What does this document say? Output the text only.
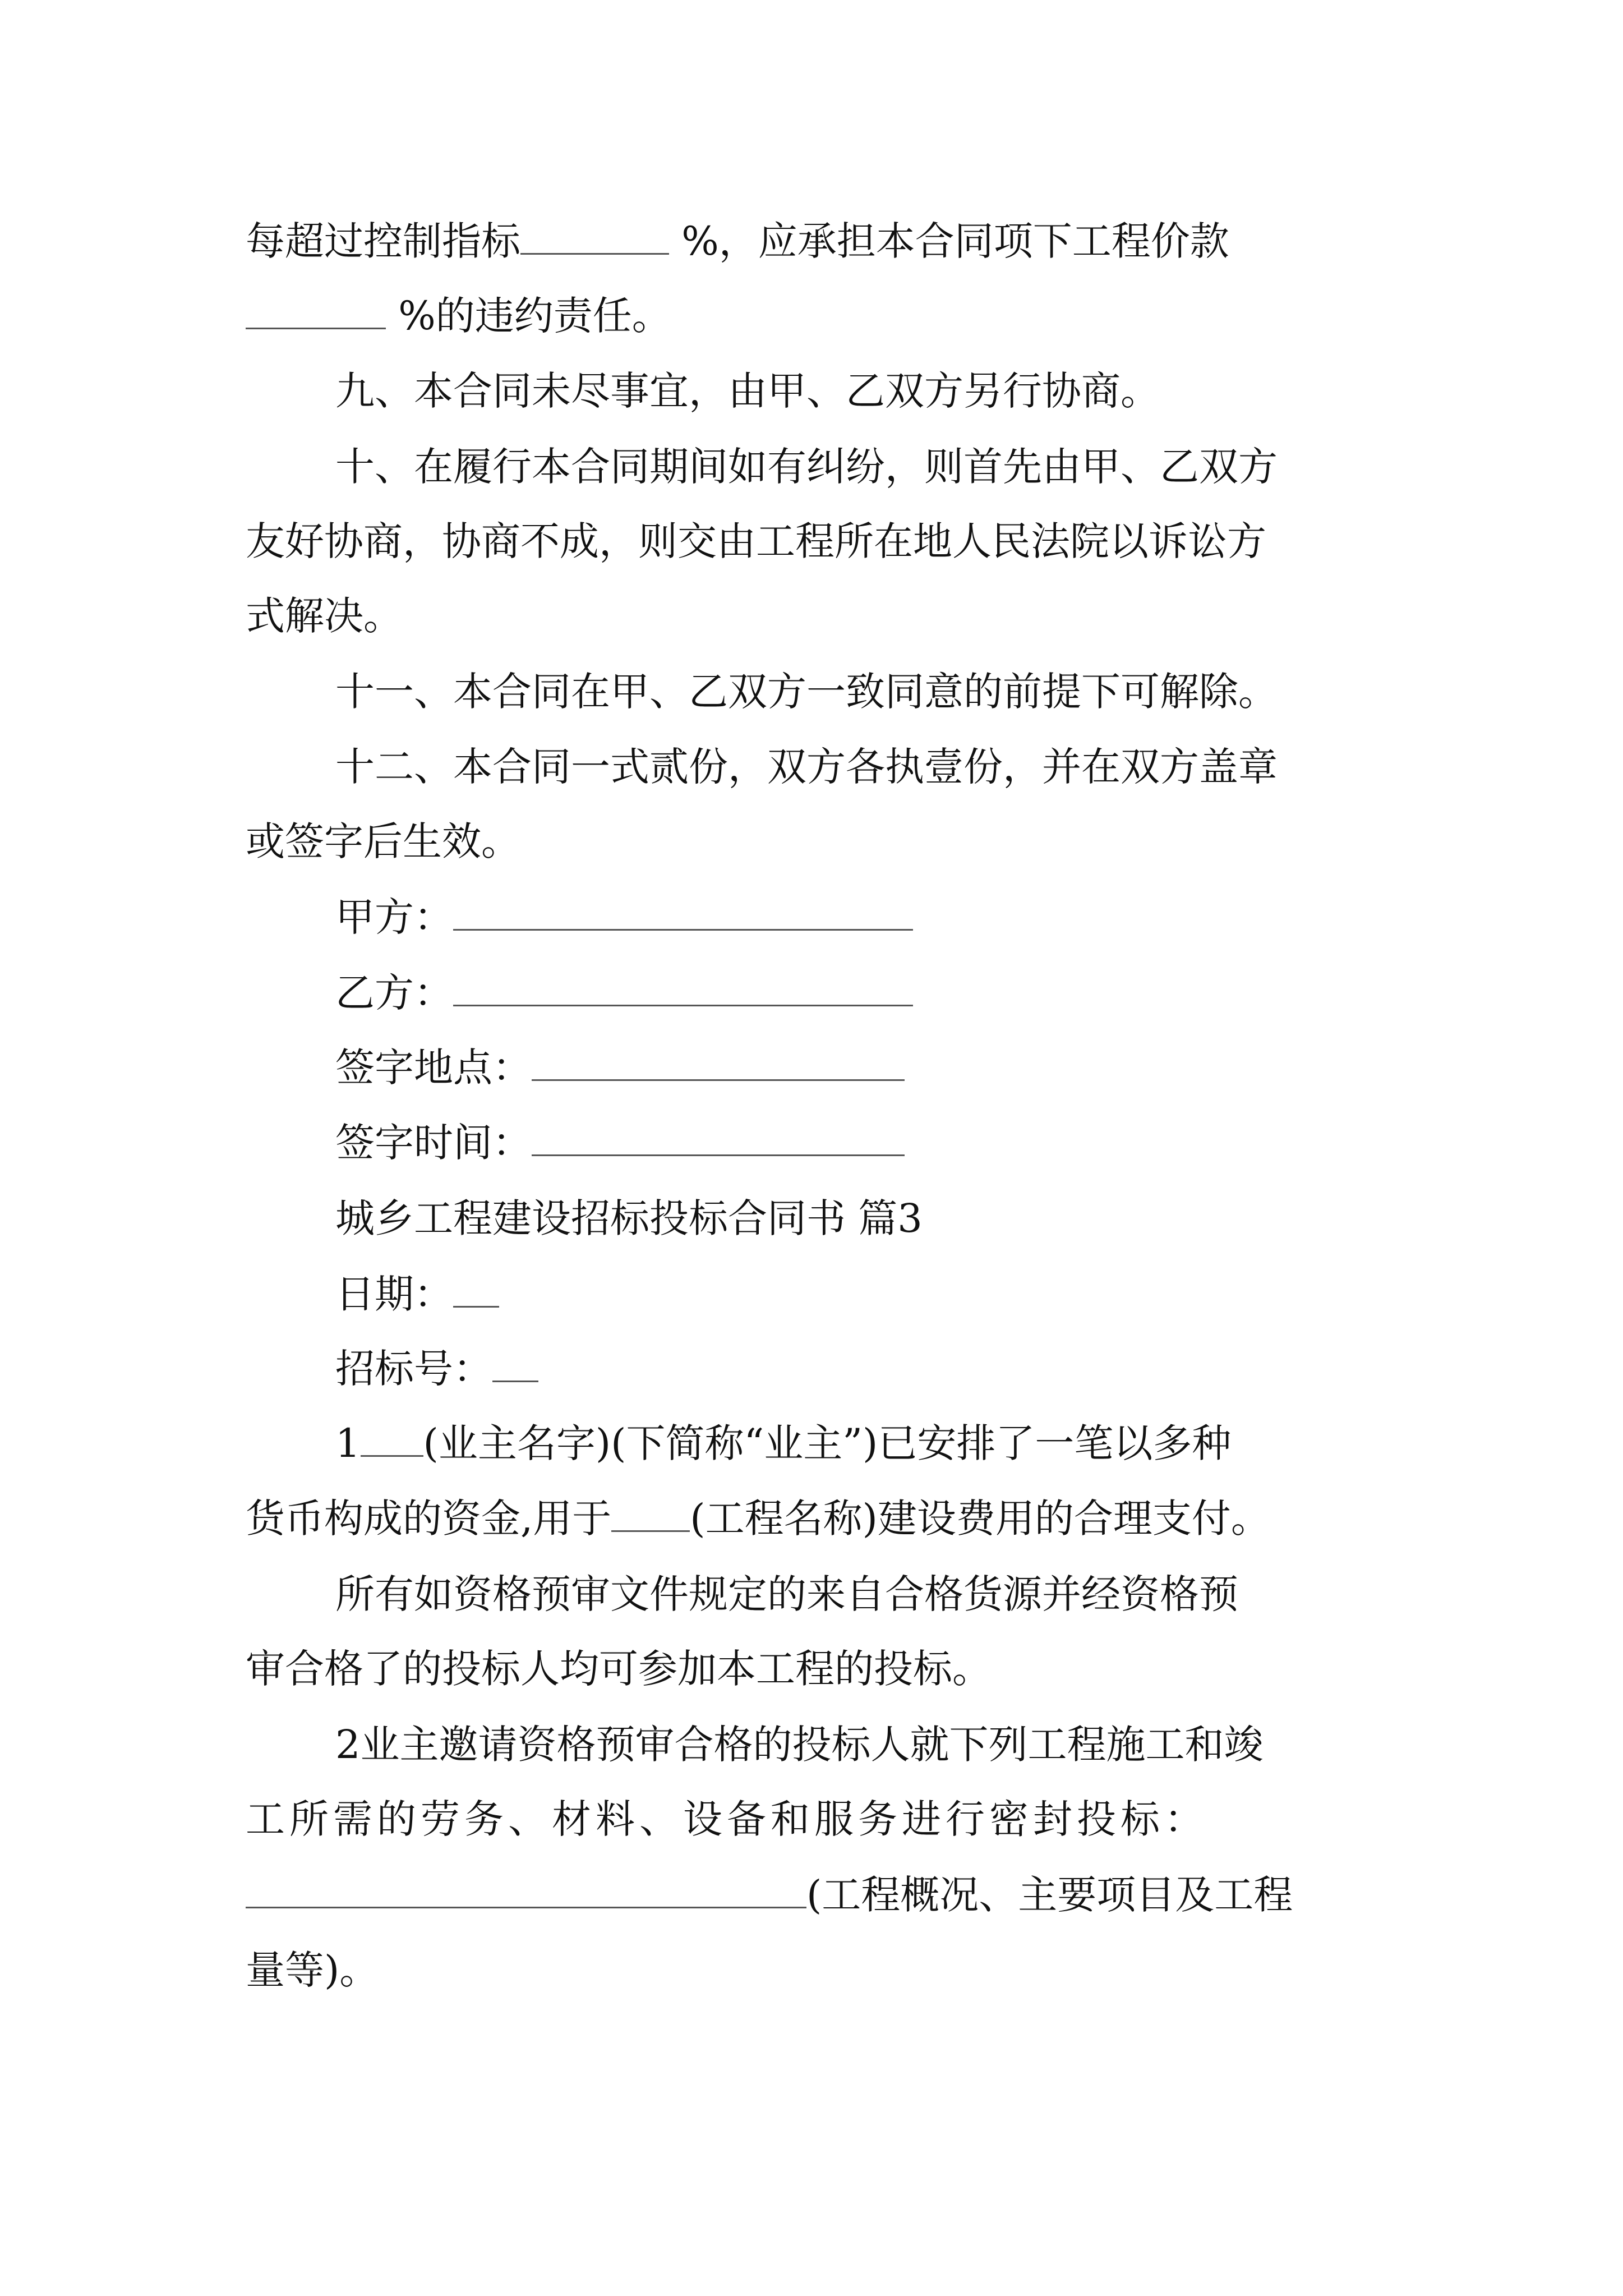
每超过控制指标	%，应承担本合同项下工程价款

%的违约责任。

九、本合同未尽事宜，由甲、乙双方另行协商。

十、在履行本合同期间如有纠纷，则首先由甲、乙双方

友好协商，协商不成，则交由工程所在地人民法院以诉讼方

式解决。

十一、本合同在甲、乙双方一致同意的前提下可解除。

十二、本合同一式贰份，双方各执壹份，并在双方盖章

或签字后生效。

甲方：

乙方：

签字地点：

签字时间：

城乡工程建设招标投标合同书 篇3

日期：

招标号：

1 (业主名字)(下简称“业主”)已安排了一笔以多种

货币构成的资金,用于 (工程名称)建设费用的合理支付。

所有如资格预审文件规定的来自合格货源并经资格预

审合格了的投标人均可参加本工程的投标。

2业主邀请资格预审合格的投标人就下列工程施工和竣

工所需的劳务、材料、设备和服务进行密封投标：

(工程概况、主要项目及工程

量等)。
